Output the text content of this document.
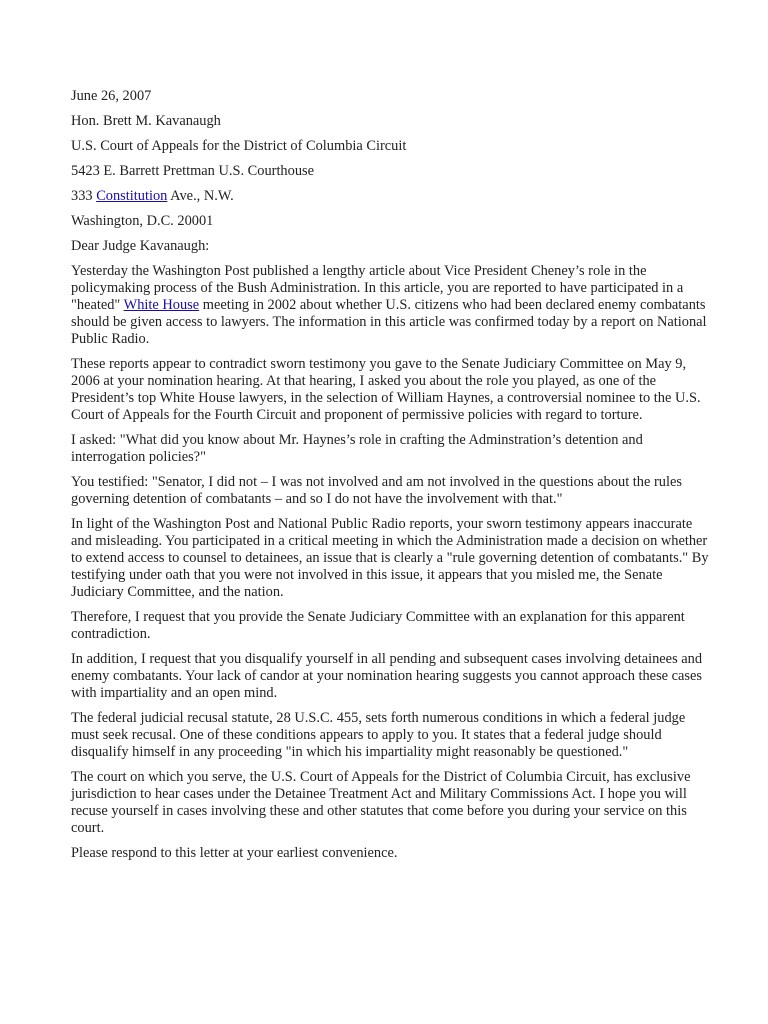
June 26, 2007
Hon. Brett M. Kavanaugh
U.S. Court of Appeals for the District of Columbia Circuit
5423 E. Barrett Prettman U.S. Courthouse
333 Constitution Ave., N.W.
Washington, D.C. 20001
Dear Judge Kavanaugh:
Yesterday the Washington Post published a lengthy article about Vice President Cheney’s role in the policymaking process of the Bush Administration. In this article, you are reported to have participated in a "heated" White House meeting in 2002 about whether U.S. citizens who had been declared enemy combatants should be given access to lawyers. The information in this article was confirmed today by a report on National Public Radio.
These reports appear to contradict sworn testimony you gave to the Senate Judiciary Committee on May 9, 2006 at your nomination hearing. At that hearing, I asked you about the role you played, as one of the President’s top White House lawyers, in the selection of William Haynes, a controversial nominee to the U.S. Court of Appeals for the Fourth Circuit and proponent of permissive policies with regard to torture.
I asked: "What did you know about Mr. Haynes’s role in crafting the Adminstration’s detention and interrogation policies?"
You testified: "Senator, I did not – I was not involved and am not involved in the questions about the rules governing detention of combatants – and so I do not have the involvement with that."
In light of the Washington Post and National Public Radio reports, your sworn testimony appears inaccurate and misleading. You participated in a critical meeting in which the Administration made a decision on whether to extend access to counsel to detainees, an issue that is clearly a "rule governing detention of combatants." By testifying under oath that you were not involved in this issue, it appears that you misled me, the Senate Judiciary Committee, and the nation.
Therefore, I request that you provide the Senate Judiciary Committee with an explanation for this apparent contradiction.
In addition, I request that you disqualify yourself in all pending and subsequent cases involving detainees and enemy combatants. Your lack of candor at your nomination hearing suggests you cannot approach these cases with impartiality and an open mind.
The federal judicial recusal statute, 28 U.S.C. 455, sets forth numerous conditions in which a federal judge must seek recusal. One of these conditions appears to apply to you. It states that a federal judge should disqualify himself in any proceeding "in which his impartiality might reasonably be questioned."
The court on which you serve, the U.S. Court of Appeals for the District of Columbia Circuit, has exclusive jurisdiction to hear cases under the Detainee Treatment Act and Military Commissions Act. I hope you will recuse yourself in cases involving these and other statutes that come before you during your service on this court.
Please respond to this letter at your earliest convenience.
